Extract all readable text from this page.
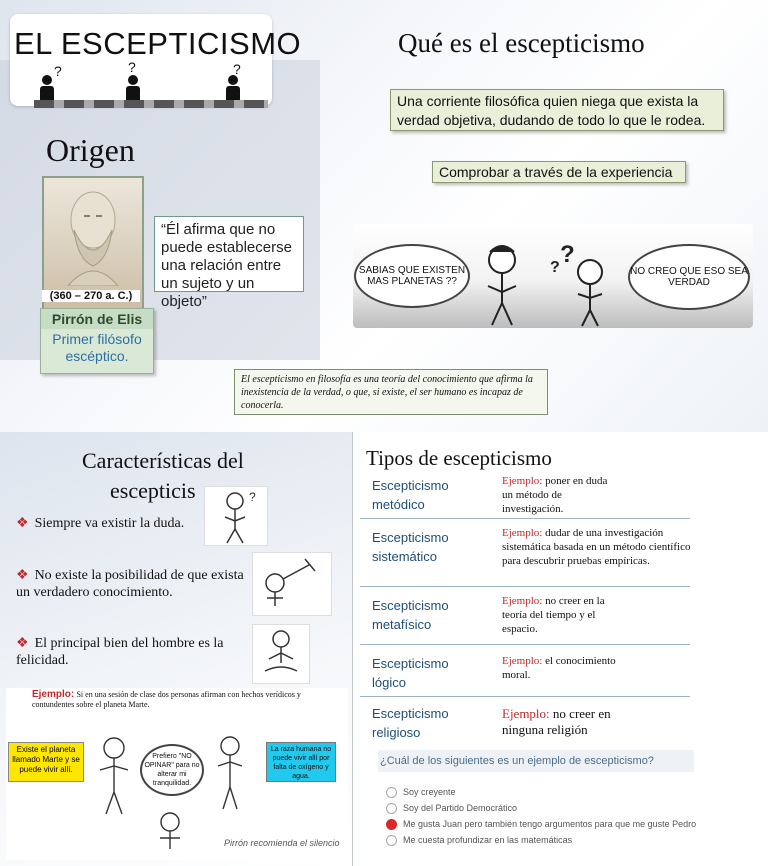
EL ESCEPTICISMO
?	?	?
Qué es el escepticismo
Una corriente filosófica quien niega que exista la verdad objetiva, dudando de todo lo que le rodea.
Comprobar a través de la experiencia
SABIAS QUE EXISTEN MAS PLANETAS ??
NO CREO QUE ESO SEA VERDAD
?
?
Origen
(360 – 270 a. C.)
Pirrón de Elis
Primer filósofo escéptico.
“Él afirma que no puede establecerse una relación entre un sujeto y un objeto”
El escepticismo en filosofía es una teoría del conocimiento que afirma la inexistencia de la verdad, o que, si existe, el ser humano es incapaz de conocerla.
Características del
escepticis	?
❖ Siempre va existir la duda.
❖ No existe la posibilidad de que exista un verdadero conocimiento.
❖ El principal bien del hombre es la felicidad.
Ejemplo: Si en una sesión de clase dos personas afirman con hechos verídicos y contundentes sobre el planeta Marte.
Existe el planeta llamado Marte y se puede vivir allí.
La raza humana no puede vivir allí por falta de oxígeno y agua.
Prefiero "NO OPINAR" para no alterar mi tranquilidad.
Pirrón recomienda el silencio
Tipos de escepticismo
Escepticismo metódico
Ejemplo: poner en duda un método de investigación.
Escepticismo sistemático
Ejemplo: dudar de una investigación sistemática basada en un método científico para descubrir pruebas empíricas.
Escepticismo metafísico
Ejemplo: no creer en la teoría del tiempo y el espacio.
Escepticismo lógico
Ejemplo: el conocimiento moral.
Escepticismo religioso
Ejemplo: no creer en ninguna religión
¿Cuál de los siguientes es un ejemplo de escepticismo?
Soy creyente
Soy del Partido Democrático
Me gusta Juan pero también tengo argumentos para que me guste Pedro
Me cuesta profundizar en las matemáticas
